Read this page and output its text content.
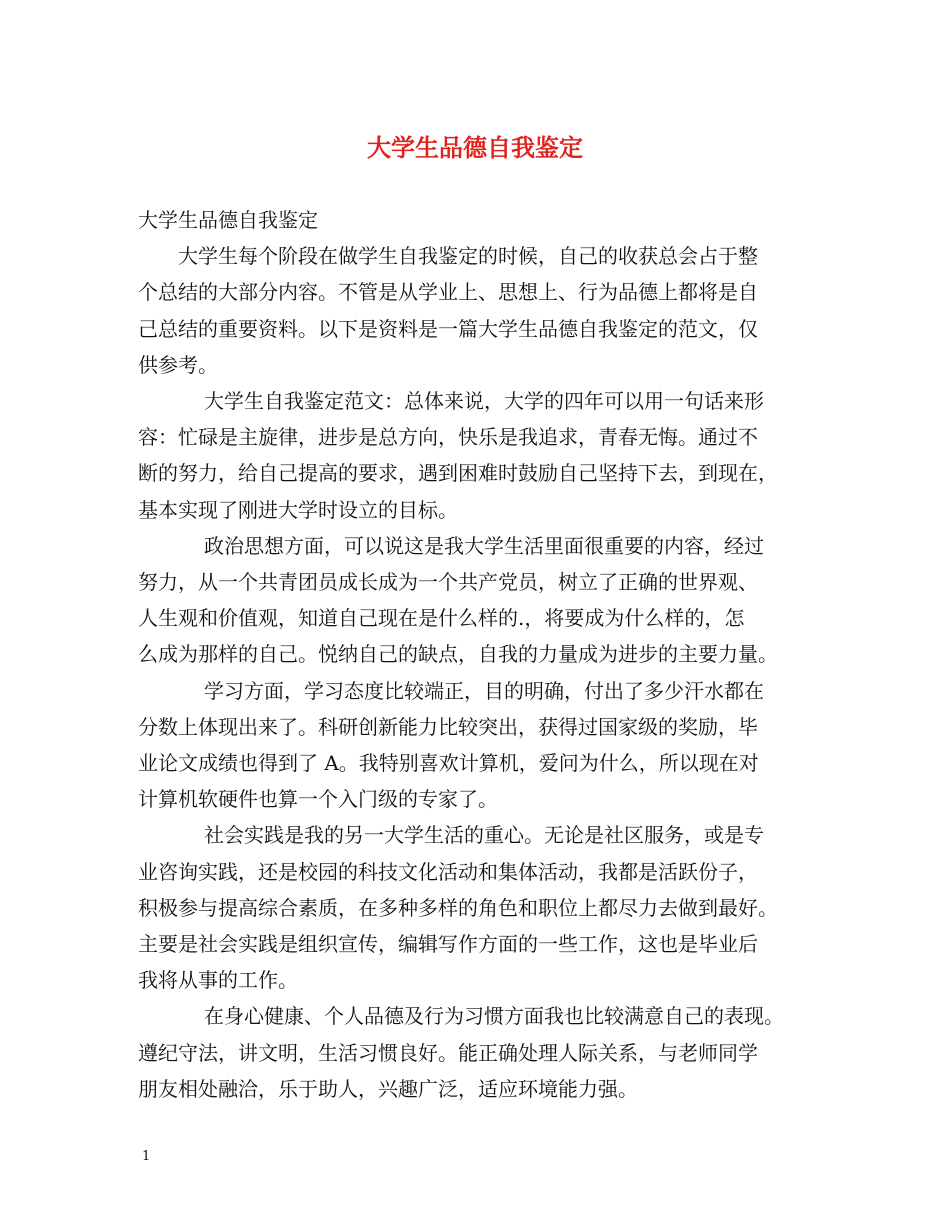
大学生品德自我鉴定

大学生品德自我鉴定

大学生每个阶段在做学生自我鉴定的时候，自己的收获总会占于整
个总结的大部分内容。不管是从学业上、思想上、行为品德上都将是自
己总结的重要资料。以下是资料是一篇大学生品德自我鉴定的范文，仅
供参考。

大学生自我鉴定范文：总体来说，大学的四年可以用一句话来形
容：忙碌是主旋律，进步是总方向，快乐是我追求，青春无悔。通过不
断的努力，给自己提高的要求，遇到困难时鼓励自己坚持下去，到现在，
基本实现了刚进大学时设立的目标。

政治思想方面，可以说这是我大学生活里面很重要的内容，经过
努力，从一个共青团员成长成为一个共产党员，树立了正确的世界观、
人生观和价值观，知道自己现在是什么样的.，将要成为什么样的，怎
么成为那样的自己。悦纳自己的缺点，自我的力量成为进步的主要力量。

学习方面，学习态度比较端正，目的明确，付出了多少汗水都在
分数上体现出来了。科研创新能力比较突出，获得过国家级的奖励，毕
业论文成绩也得到了 A。我特别喜欢计算机，爱问为什么，所以现在对
计算机软硬件也算一个入门级的专家了。

社会实践是我的另一大学生活的重心。无论是社区服务，或是专
业咨询实践，还是校园的科技文化活动和集体活动，我都是活跃份子，
积极参与提高综合素质，在多种多样的角色和职位上都尽力去做到最好。
主要是社会实践是组织宣传，编辑写作方面的一些工作，这也是毕业后
我将从事的工作。

在身心健康、个人品德及行为习惯方面我也比较满意自己的表现。
遵纪守法，讲文明，生活习惯良好。能正确处理人际关系，与老师同学
朋友相处融洽，乐于助人，兴趣广泛，适应环境能力强。

1
